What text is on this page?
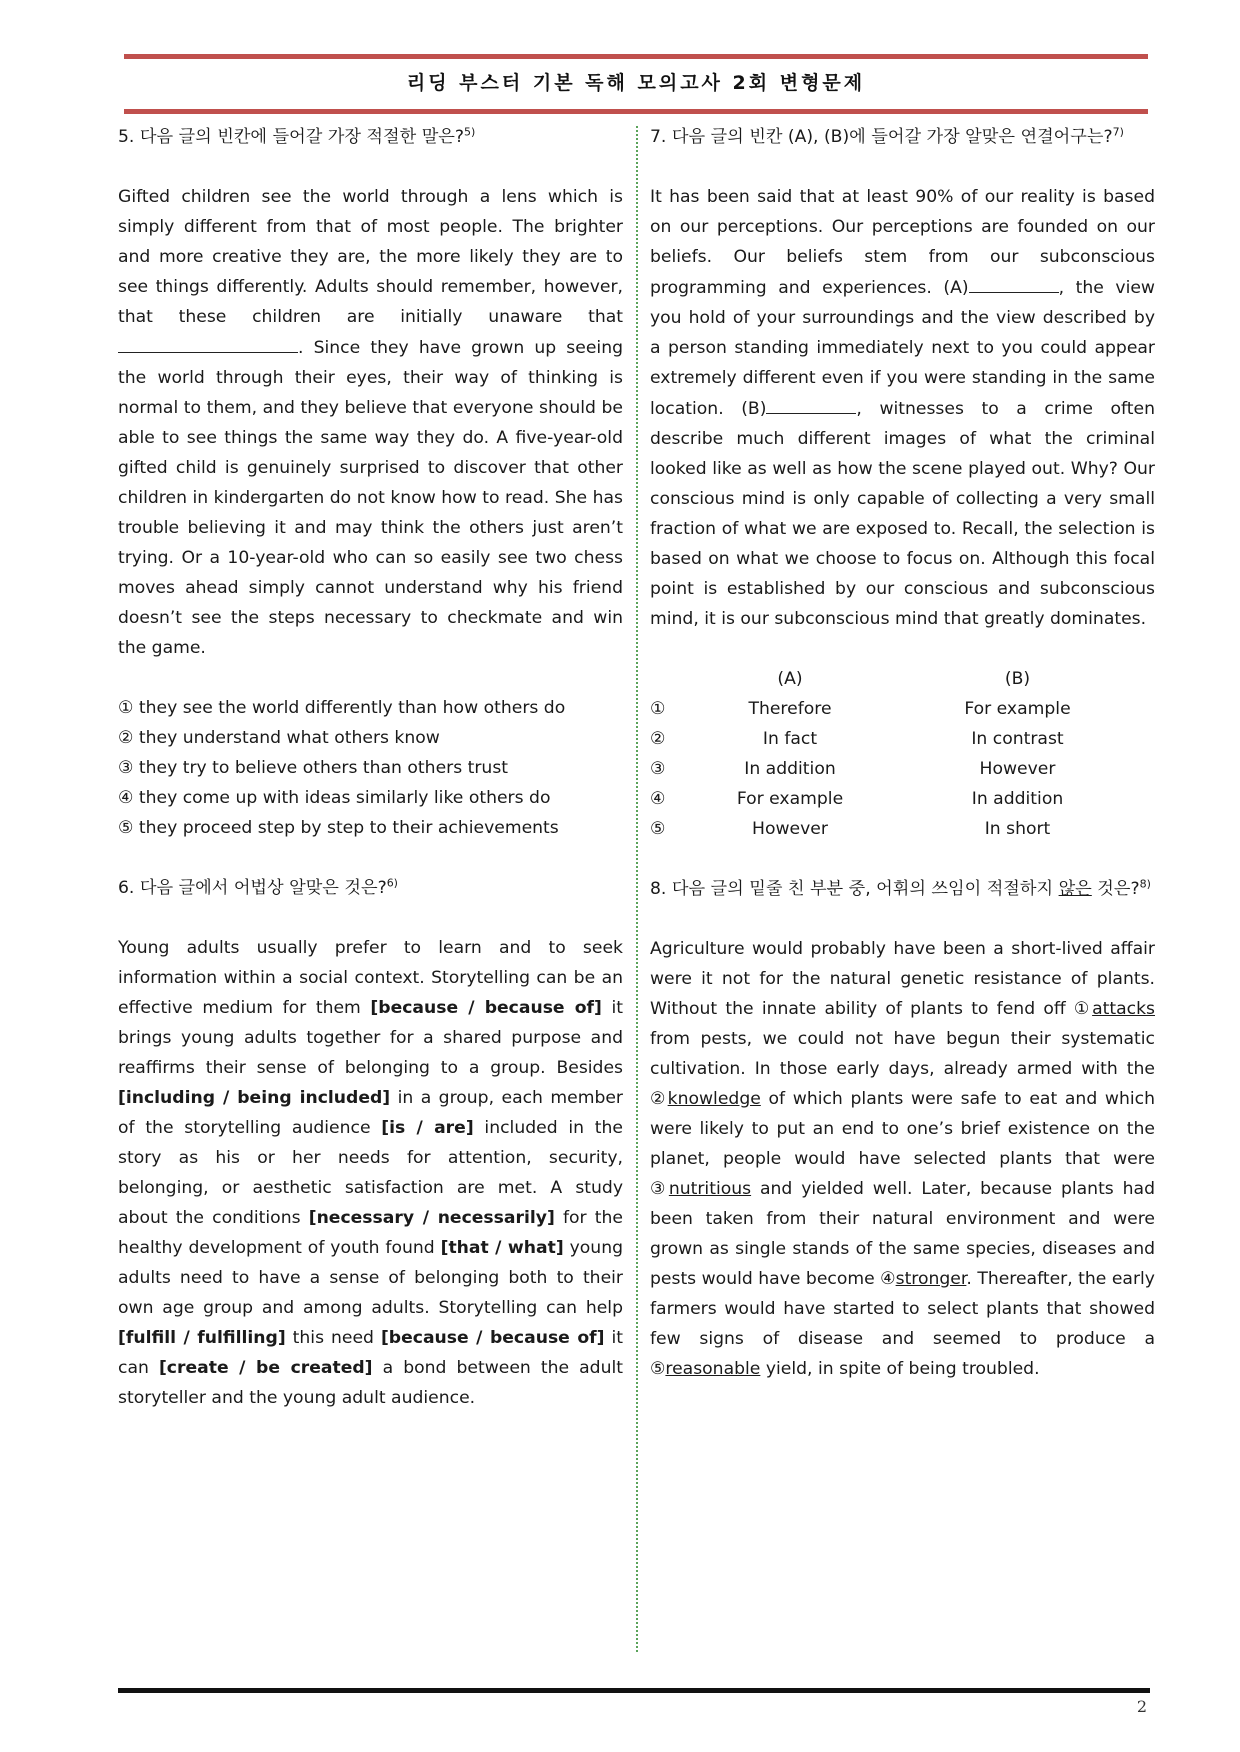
리딩 부스터 기본 독해 모의고사 2회 변형문제

5. 다음 글의 빈칸에 들어갈 가장 적절한 말은?$^{5)}$

Gifted children see the world through a lens which is simply different from that of most people. The brighter and more creative they are, the more likely they are to see things differently. Adults should remember, however, that these children are initially unaware that . Since they have grown up seeing the world through their eyes, their way of thinking is normal to them, and they believe that everyone should be able to see things the same way they do. A five-year-old gifted child is genuinely surprised to discover that other children in kindergarten do not know how to read. She has trouble believing it and may think the others just aren’t trying. Or a 10-year-old who can so easily see two chess moves ahead simply cannot understand why his friend doesn’t see the steps necessary to checkmate and win the game.

① they see the world differently than how others do

② they understand what others know

③ they try to believe others than others trust

④ they come up with ideas similarly like others do

⑤ they proceed step by step to their achievements

6. 다음 글에서 어법상 알맞은 것은?$^{6)}$

Young adults usually prefer to learn and to seek information within a social context. Storytelling can be an effective medium for them [because / because of] it brings young adults together for a shared purpose and reaffirms their sense of belonging to a group. Besides [including / being included] in a group, each member of the storytelling audience [is / are] included in the story as his or her needs for attention, security, belonging, or aesthetic satisfaction are met. A study about the conditions [necessary / necessarily] for the healthy development of youth found [that / what] young adults need to have a sense of belonging both to their own age group and among adults. Storytelling can help [fulfill / fulfilling] this need [because / because of] it can [create / be created] a bond between the adult storyteller and the young adult audience.

7. 다음 글의 빈칸 (A), (B)에 들어갈 가장 알맞은 연결어구는?$^{7)}$

It has been said that at least 90% of our reality is based on our perceptions. Our perceptions are founded on our beliefs. Our beliefs stem from our subconscious programming and experiences. (A)	, the view you hold of your surroundings and the view described by a person standing immediately next to you could appear extremely different even if you were standing in the same location. (B)	, witnesses to a crime often describe much different images of what the criminal looked like as well as how the scene played out. Why? Our conscious mind is only capable of collecting a very small fraction of what we are exposed to. Recall, the selection is based on what we choose to focus on. Although this focal point is established by our conscious and subconscious mind, it is our subconscious mind that greatly dominates.

	(A)	(B)
①	Therefore	For example
②	In fact	In contrast
③	In addition	However
④	For example	In addition
⑤	However	In short

8. 다음 글의 밑줄 친 부분 중, 어휘의 쓰임이 적절하지 않은 것은?$^{8)}$

Agriculture would probably have been a short-lived affair were it not for the natural genetic resistance of plants. Without the innate ability of plants to fend off ①attacks from pests, we could not have begun their systematic cultivation. In those early days, already armed with the ②knowledge of which plants were safe to eat and which were likely to put an end to one’s brief existence on the planet, people would have selected plants that were ③nutritious and yielded well. Later, because plants had been taken from their natural environment and were grown as single stands of the same species, diseases and pests would have become ④stronger. Thereafter, the early farmers would have started to select plants that showed few signs of disease and seemed to produce a ⑤reasonable yield, in spite of being troubled.

2
